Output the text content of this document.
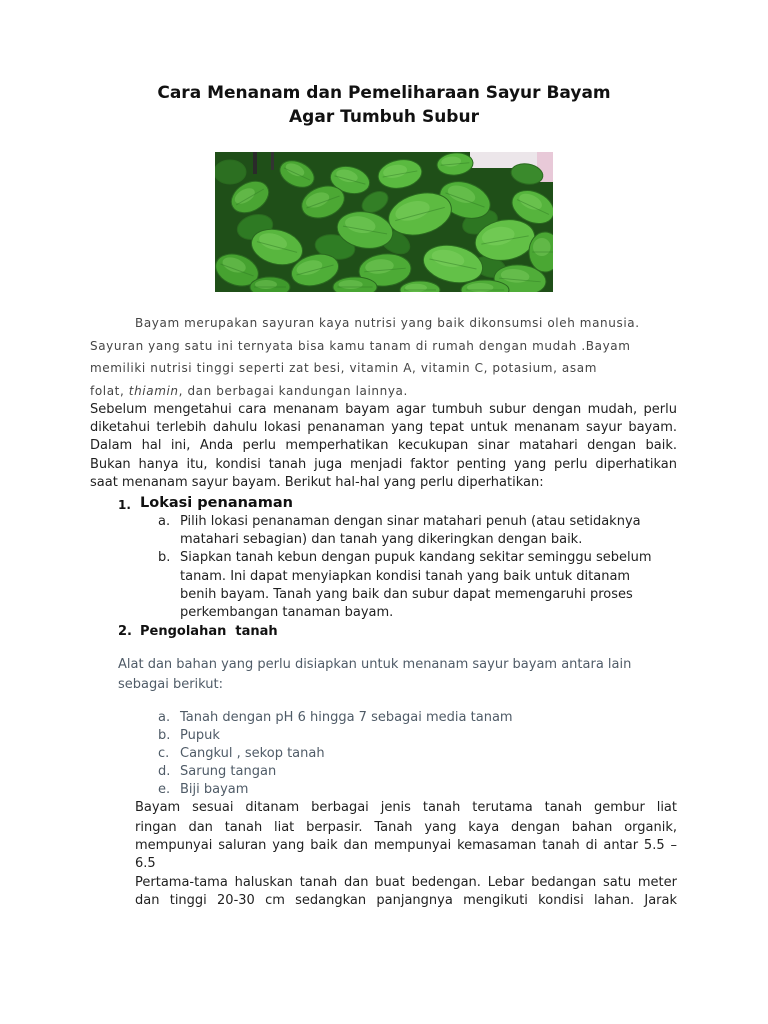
Cara Menanam dan Pemeliharaan Sayur Bayam
Agar Tumbuh Subur
Bayam merupakan sayuran kaya nutrisi yang baik dikonsumsi oleh manusia.
Sayuran yang satu ini ternyata bisa kamu tanam di rumah dengan mudah .Bayam
memiliki nutrisi tinggi seperti zat besi, vitamin A, vitamin C, potasium, asam
folat, thiamin, dan berbagai kandungan lainnya.
Sebelum mengetahui cara menanam bayam agar tumbuh subur dengan mudah, perlu
diketahui terlebih dahulu lokasi penanaman yang tepat untuk menanam sayur bayam.
Dalam hal ini, Anda perlu memperhatikan kecukupan sinar matahari dengan baik.
Bukan hanya itu, kondisi tanah juga menjadi faktor penting yang perlu diperhatikan
saat menanam sayur bayam. Berikut hal-hal yang perlu diperhatikan:
1. Lokasi penanaman
a. Pilih lokasi penanaman dengan sinar matahari penuh (atau setidaknya
matahari sebagian) dan tanah yang dikeringkan dengan baik.
b. Siapkan tanah kebun dengan pupuk kandang sekitar seminggu sebelum
tanam. Ini dapat menyiapkan kondisi tanah yang baik untuk ditanam
benih bayam. Tanah yang baik dan subur dapat memengaruhi proses
perkembangan tanaman bayam.
2. Pengolahan  tanah
Alat dan bahan yang perlu disiapkan untuk menanam sayur bayam antara lain
sebagai berikut:
a. Tanah dengan pH 6 hingga 7 sebagai media tanam
b. Pupuk
c. Cangkul , sekop tanah
d. Sarung tangan
e. Biji bayam
Bayam sesuai ditanam berbagai jenis tanah terutama tanah gembur liat
ringan dan tanah liat berpasir. Tanah yang kaya dengan bahan organik,
mempunyai saluran yang baik dan mempunyai kemasaman tanah di antar 5.5 –
6.5
Pertama-tama haluskan tanah dan buat bedengan. Lebar bedangan satu meter
dan tinggi 20-30 cm sedangkan panjangnya mengikuti kondisi lahan. Jarak
